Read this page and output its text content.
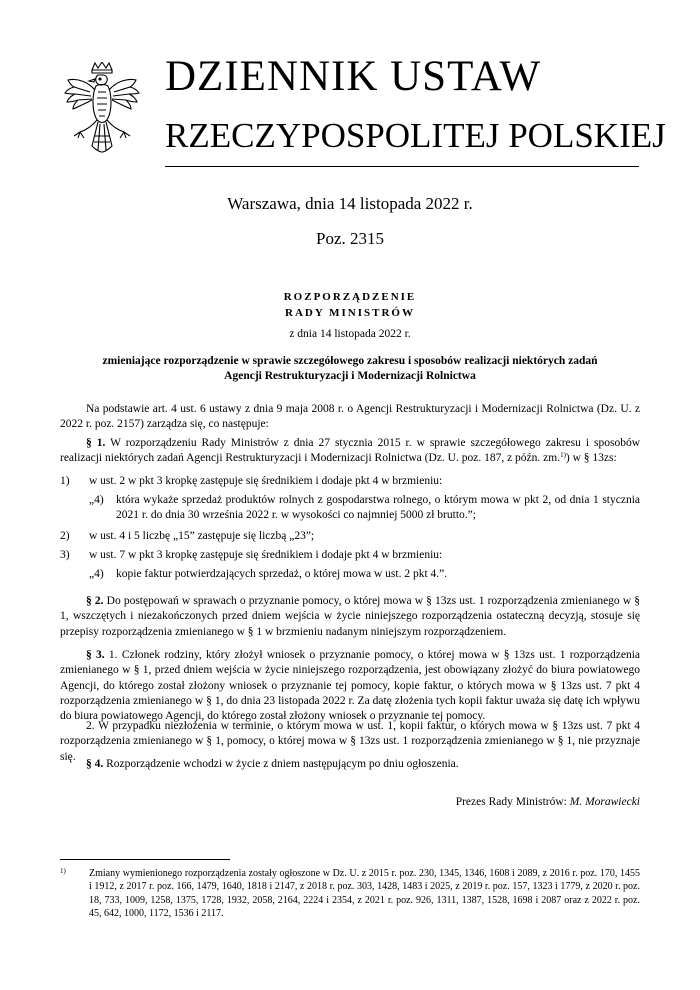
DZIENNIK USTAW
RZECZYPOSPOLITEJ POLSKIEJ
Warszawa, dnia 14 listopada 2022 r.
Poz. 2315
ROZPORZĄDZENIE
RADY MINISTRÓW
z dnia 14 listopada 2022 r.
zmieniające rozporządzenie w sprawie szczegółowego zakresu i sposobów realizacji niektórych zadań
Agencji Restrukturyzacji i Modernizacji Rolnictwa

Na podstawie art. 4 ust. 6 ustawy z dnia 9 maja 2008 r. o Agencji Restrukturyzacji i Modernizacji Rolnictwa (Dz. U. z 2022 r. poz. 2157) zarządza się, co następuje:

§ 1. W rozporządzeniu Rady Ministrów z dnia 27 stycznia 2015 r. w sprawie szczegółowego zakresu i sposobów realizacji niektórych zadań Agencji Restrukturyzacji i Modernizacji Rolnictwa (Dz. U. poz. 187, z późn. zm.$^{1)}$) w § 13zs:

1) w ust. 2 w pkt 3 kropkę zastępuje się średnikiem i dodaje pkt 4 w brzmieniu:
„4) która wykaże sprzedaż produktów rolnych z gospodarstwa rolnego, o którym mowa w pkt 2, od dnia 1 stycznia 2021 r. do dnia 30 września 2022 r. w wysokości co najmniej 5000 zł brutto.”;
2) w ust. 4 i 5 liczbę „15” zastępuje się liczbą „23”;
3) w ust. 7 w pkt 3 kropkę zastępuje się średnikiem i dodaje pkt 4 w brzmieniu:
„4) kopie faktur potwierdzających sprzedaż, o której mowa w ust. 2 pkt 4.”.

§ 2. Do postępowań w sprawach o przyznanie pomocy, o której mowa w § 13zs ust. 1 rozporządzenia zmienianego w § 1, wszczętych i niezakończonych przed dniem wejścia w życie niniejszego rozporządzenia ostateczną decyzją, stosuje się przepisy rozporządzenia zmienianego w § 1 w brzmieniu nadanym niniejszym rozporządzeniem.

§ 3. 1. Członek rodziny, który złożył wniosek o przyznanie pomocy, o której mowa w § 13zs ust. 1 rozporządzenia zmienianego w § 1, przed dniem wejścia w życie niniejszego rozporządzenia, jest obowiązany złożyć do biura powiatowego Agencji, do którego został złożony wniosek o przyznanie tej pomocy, kopie faktur, o których mowa w § 13zs ust. 7 pkt 4 rozporządzenia zmienianego w § 1, do dnia 23 listopada 2022 r. Za datę złożenia tych kopii faktur uważa się datę ich wpływu do biura powiatowego Agencji, do którego został złożony wniosek o przyznanie tej pomocy.

2. W przypadku niezłożenia w terminie, o którym mowa w ust. 1, kopii faktur, o których mowa w § 13zs ust. 7 pkt 4 rozporządzenia zmienianego w § 1, pomocy, o której mowa w § 13zs ust. 1 rozporządzenia zmienianego w § 1, nie przyznaje się.

§ 4. Rozporządzenie wchodzi w życie z dniem następującym po dniu ogłoszenia.

Prezes Rady Ministrów: M. Morawiecki
1) Zmiany wymienionego rozporządzenia zostały ogłoszone w Dz. U. z 2015 r. poz. 230, 1345, 1346, 1608 i 2089, z 2016 r. poz. 170, 1455 i 1912, z 2017 r. poz. 166, 1479, 1640, 1818 i 2147, z 2018 r. poz. 303, 1428, 1483 i 2025, z 2019 r. poz. 157, 1323 i 1779, z 2020 r. poz. 18, 733, 1009, 1258, 1375, 1728, 1932, 2058, 2164, 2224 i 2354, z 2021 r. poz. 926, 1311, 1387, 1528, 1698 i 2087 oraz z 2022 r. poz. 45, 642, 1000, 1172, 1536 i 2117.
